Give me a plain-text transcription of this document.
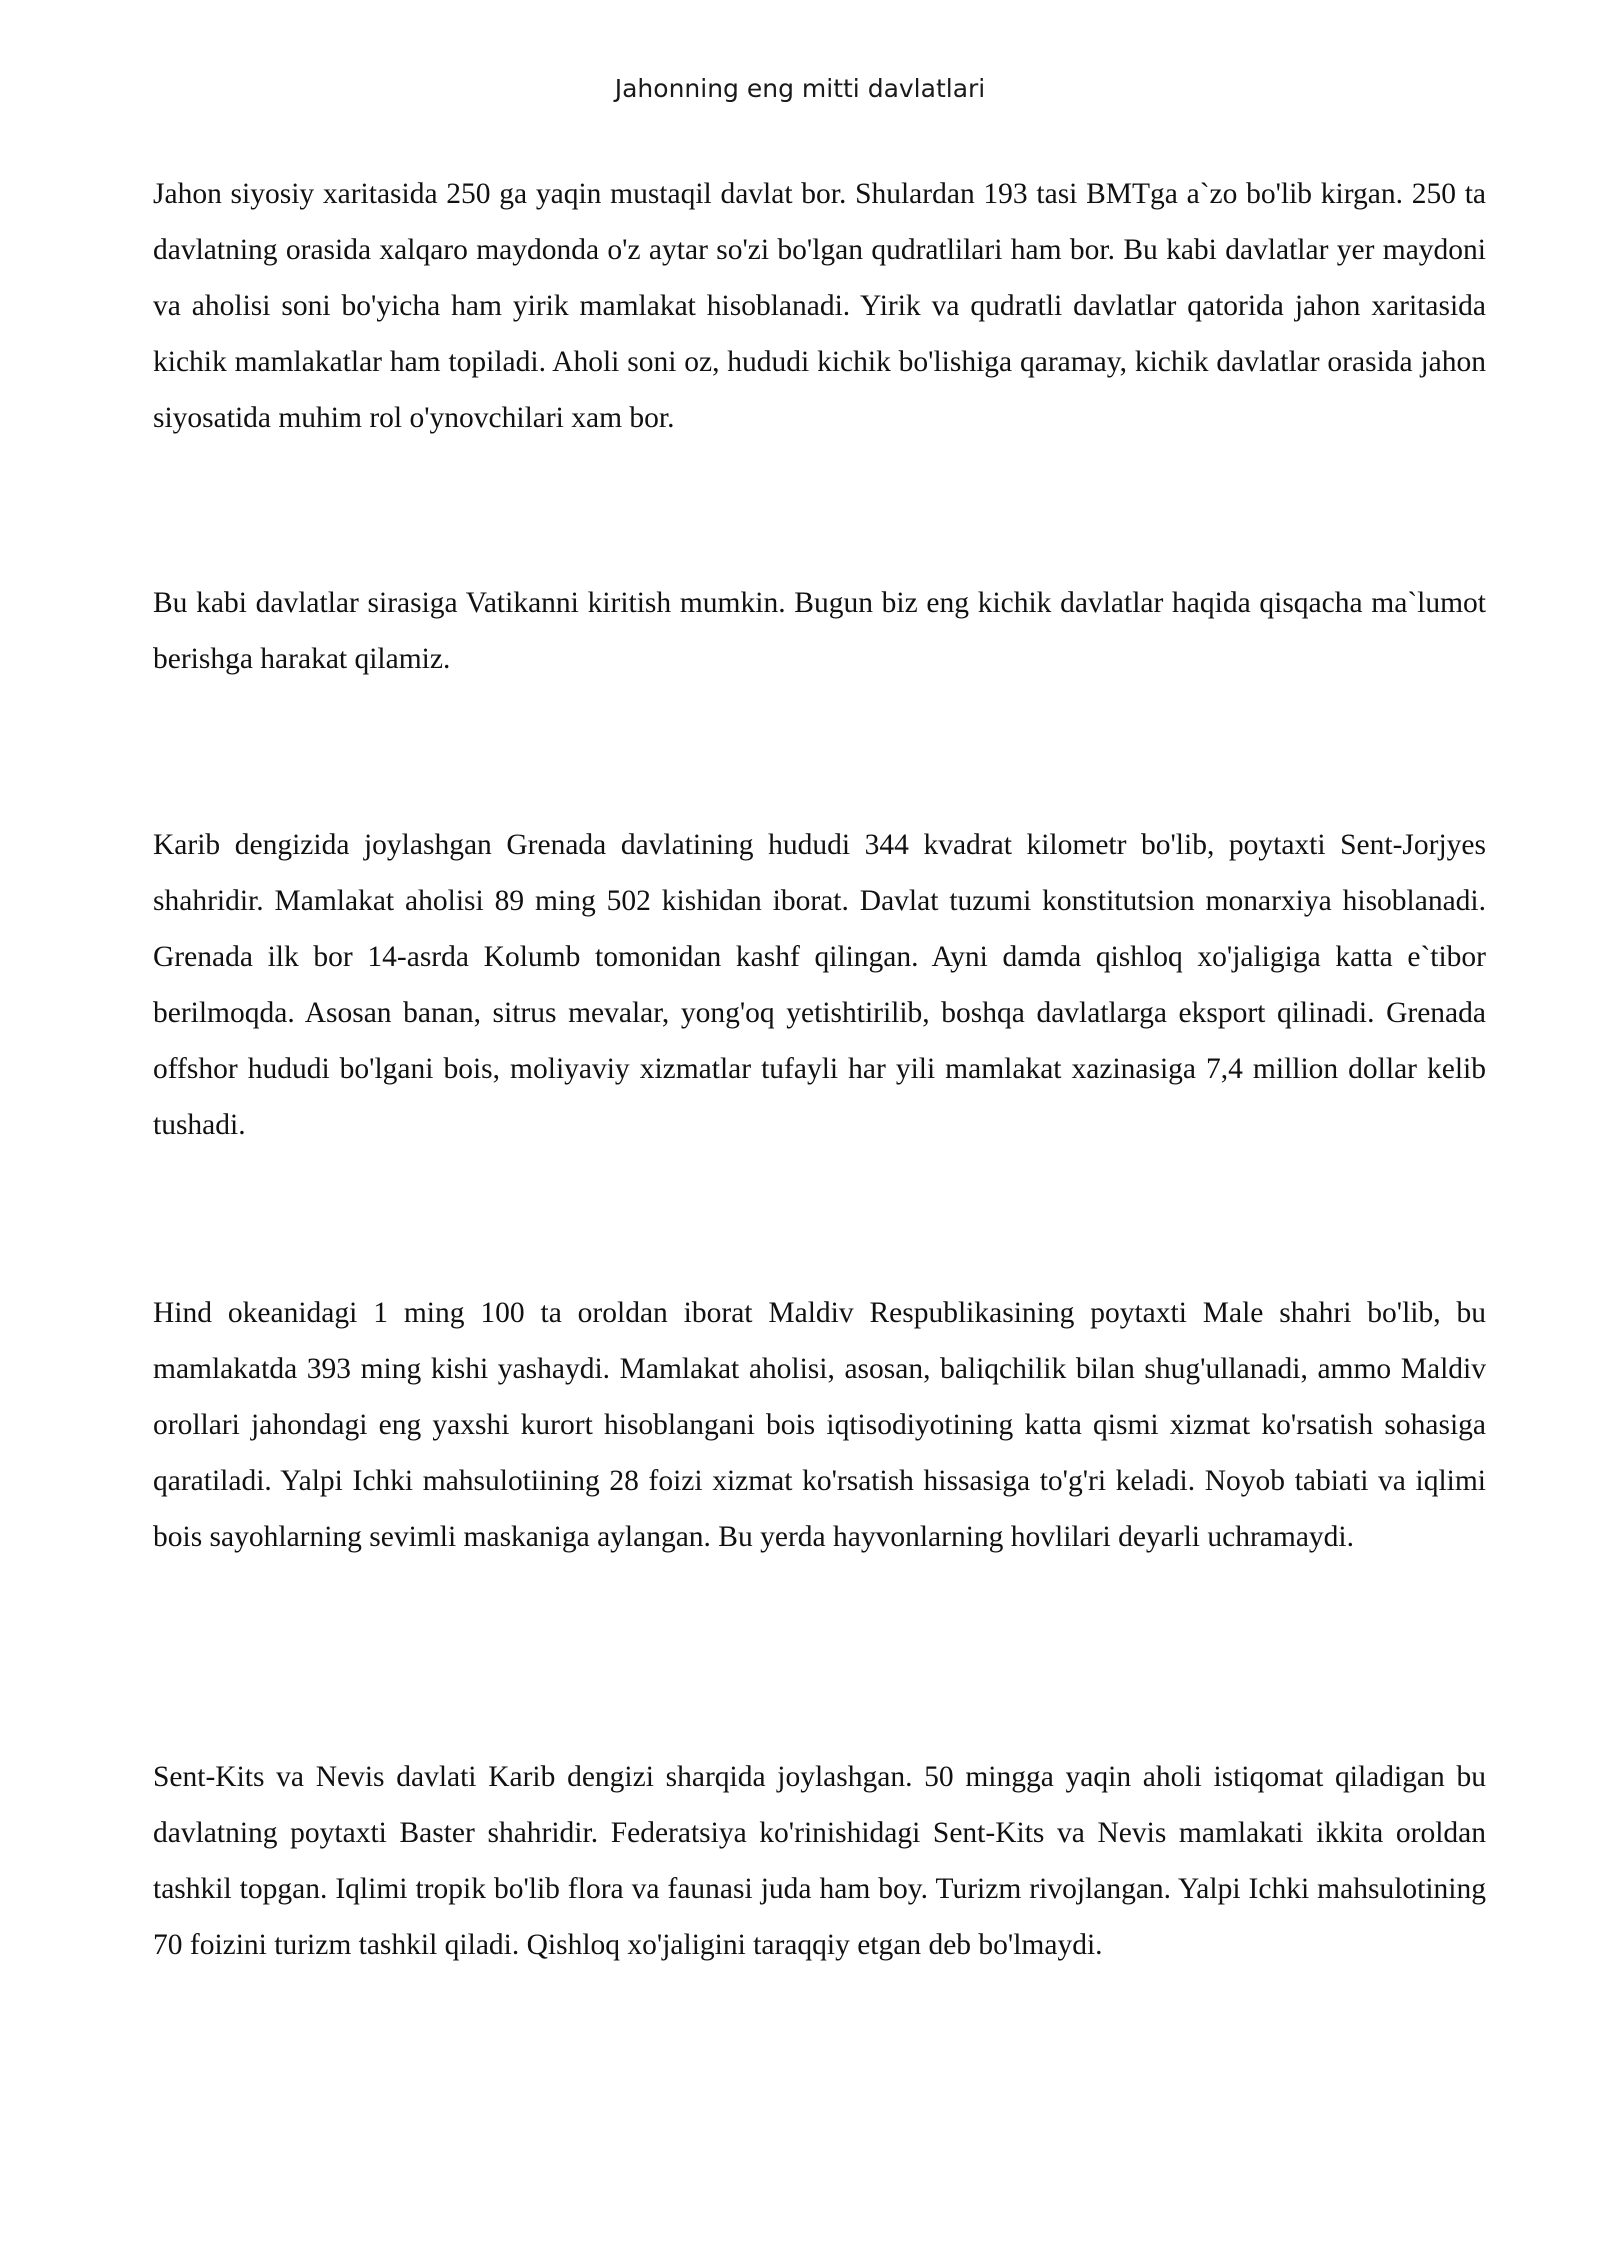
Jahonning eng mitti davlatlari

Jahon siyosiy xaritasida 250 ga yaqin mustaqil davlat bor. Shulardan 193 tasi BMTga a`zo bo'lib kirgan. 250 ta davlatning orasida xalqaro maydonda o'z aytar so'zi bo'lgan qudratlilari ham bor. Bu kabi davlatlar yer maydoni va aholisi soni bo'yicha ham yirik mamlakat hisoblanadi. Yirik va qudratli davlatlar qatorida jahon xaritasida kichik mamlakatlar ham topiladi. Aholi soni oz, hududi kichik bo'lishiga qaramay, kichik davlatlar orasida jahon siyosatida muhim rol o'ynovchilari xam bor.

Bu kabi davlatlar sirasiga Vatikanni kiritish mumkin. Bugun biz eng kichik davlatlar haqida qisqacha ma`lumot berishga harakat qilamiz.

Karib dengizida joylashgan Grenada davlatining hududi 344 kvadrat kilometr bo'lib, poytaxti Sent-Jorjyes shahridir. Mamlakat aholisi 89 ming 502 kishidan iborat. Davlat tuzumi konstitutsion monarxiya hisoblanadi. Grenada ilk bor 14-asrda Kolumb tomonidan kashf qilingan. Ayni damda qishloq xo'jaligiga katta e`tibor berilmoqda. Asosan banan, sitrus mevalar, yong'oq yetishtirilib, boshqa davlatlarga eksport qilinadi. Grenada offshor hududi bo'lgani bois, moliyaviy xizmatlar tufayli har yili mamlakat xazinasiga 7,4 million dollar kelib tushadi.

Hind okeanidagi 1 ming 100 ta oroldan iborat Maldiv Respublikasining poytaxti Male shahri bo'lib, bu mamlakatda 393 ming kishi yashaydi. Mamlakat aholisi, asosan, baliqchilik bilan shug'ullanadi, ammo Maldiv orollari jahondagi eng yaxshi kurort hisoblangani bois iqtisodiyotining katta qismi xizmat ko'rsatish sohasiga qaratiladi. Yalpi Ichki mahsulotiining 28 foizi xizmat ko'rsatish hissasiga to'g'ri keladi. Noyob tabiati va iqlimi bois sayohlarning sevimli maskaniga aylangan. Bu yerda hayvonlarning hovlilari deyarli uchramaydi.

Sent-Kits va Nevis davlati Karib dengizi sharqida joylashgan. 50 mingga yaqin aholi istiqomat qiladigan bu davlatning poytaxti Baster shahridir. Federatsiya ko'rinishidagi Sent-Kits va Nevis mamlakati ikkita oroldan tashkil topgan. Iqlimi tropik bo'lib flora va faunasi juda ham boy. Turizm rivojlangan. Yalpi Ichki mahsulotining 70 foizini turizm tashkil qiladi. Qishloq xo'jaligini taraqqiy etgan deb bo'lmaydi.
